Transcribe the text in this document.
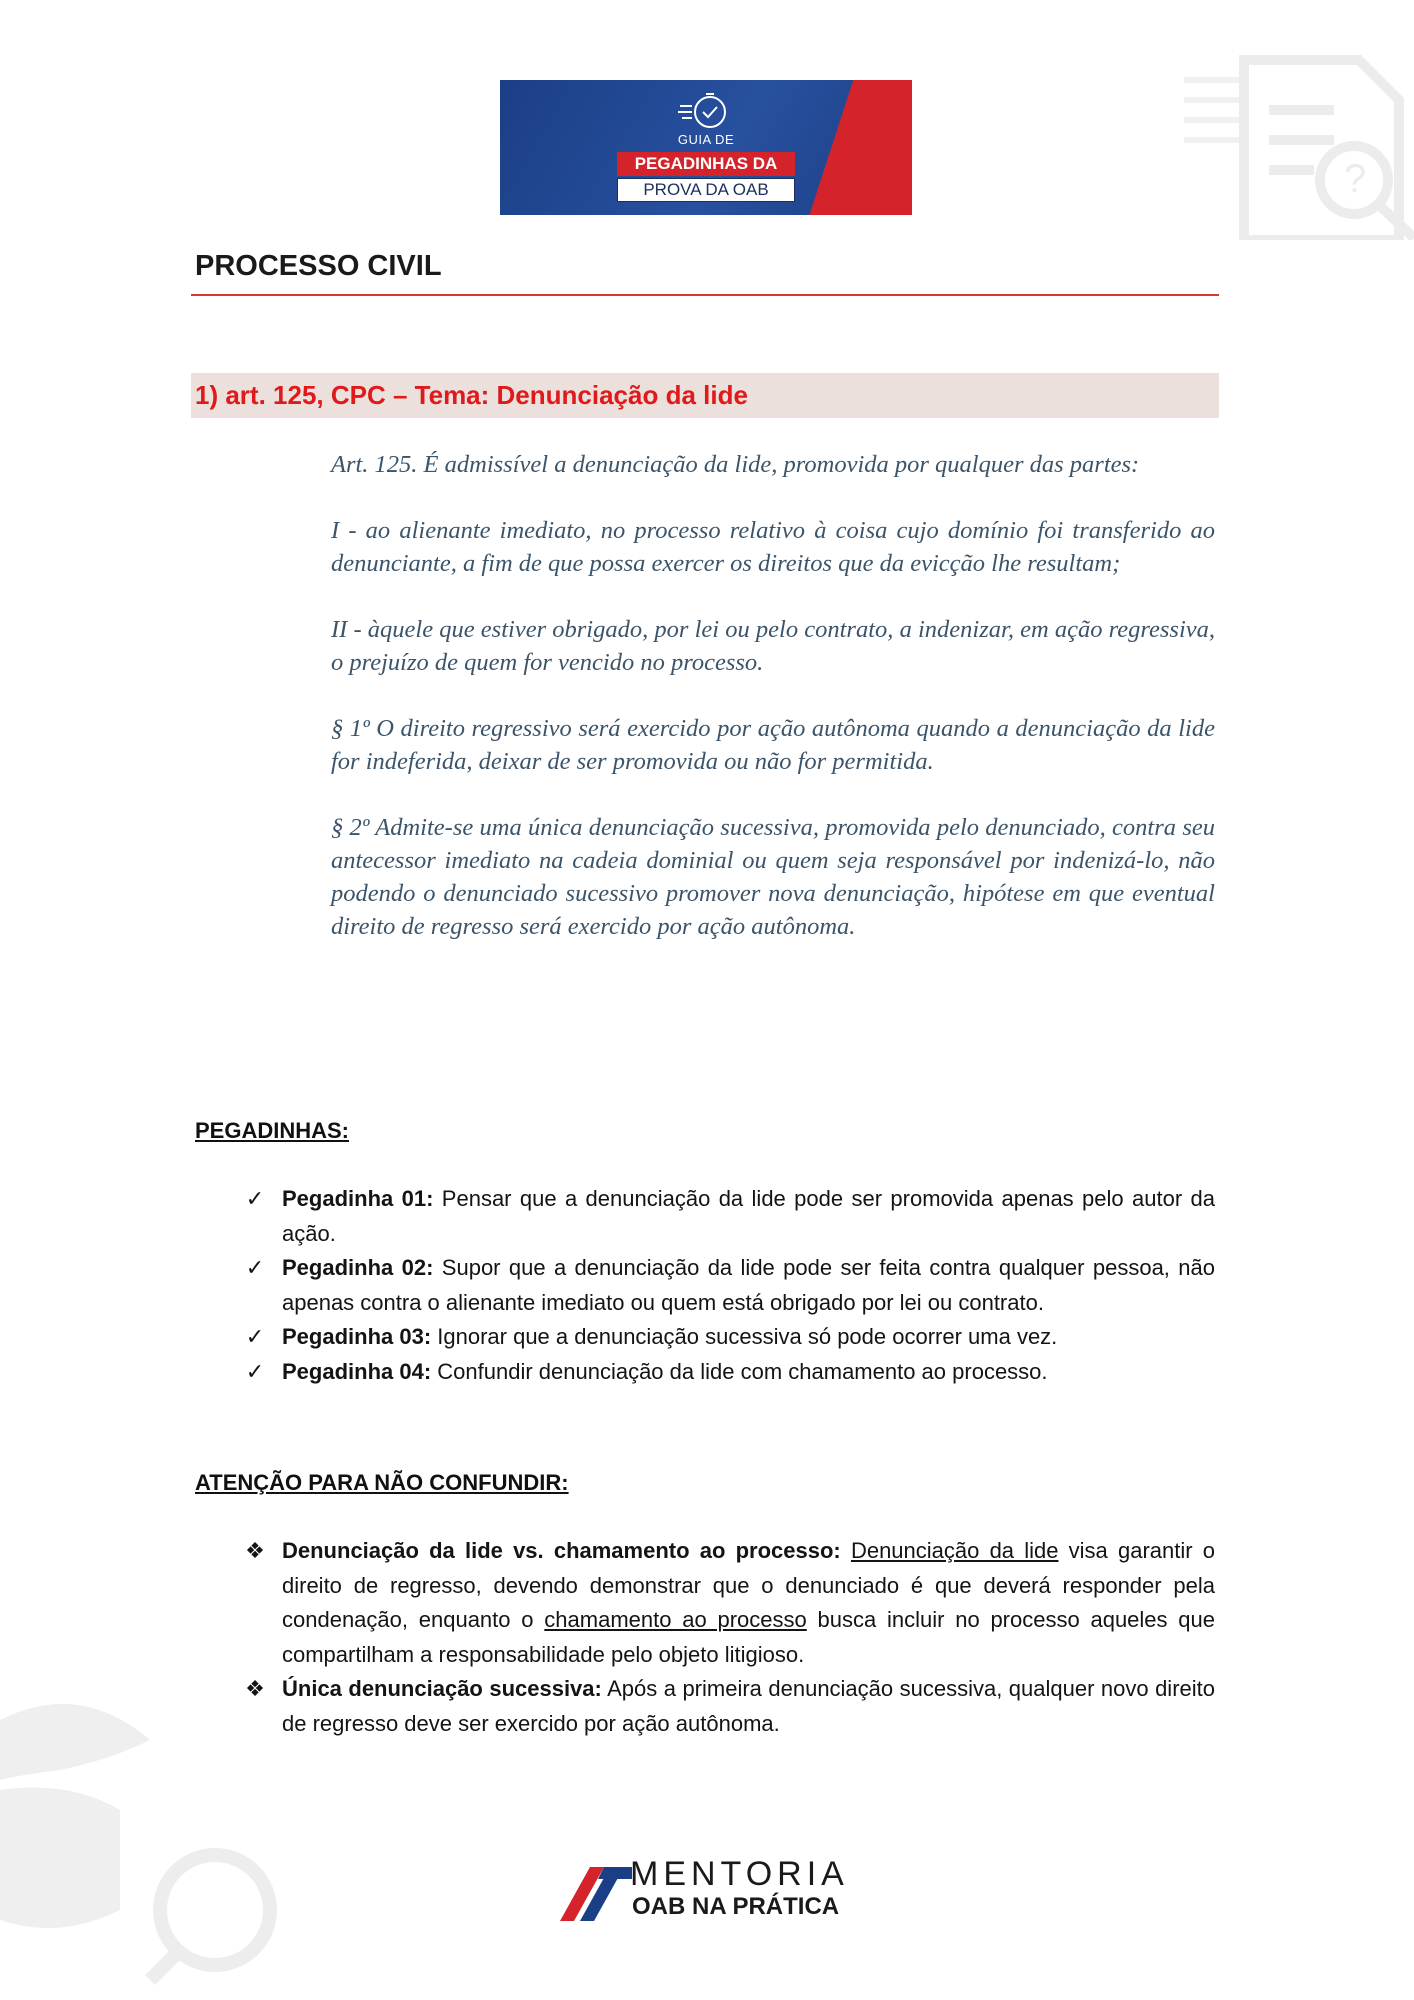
?
GUIA DE
PEGADINHAS DA
PROVA DA OAB
PROCESSO CIVIL
1) art. 125, CPC – Tema: Denunciação da lide

Art. 125. É admissível a denunciação da lide, promovida por qualquer das partes:

I - ao alienante imediato, no processo relativo à coisa cujo domínio foi transferido ao denunciante, a fim de que possa exercer os direitos que da evicção lhe resultam;

II - àquele que estiver obrigado, por lei ou pelo contrato, a indenizar, em ação regressiva, o prejuízo de quem for vencido no processo.

§ 1º O direito regressivo será exercido por ação autônoma quando a denunciação da lide for indeferida, deixar de ser promovida ou não for permitida.

§ 2º Admite-se uma única denunciação sucessiva, promovida pelo denunciado, contra seu antecessor imediato na cadeia dominial ou quem seja responsável por indenizá-lo, não podendo o denunciado sucessivo promover nova denunciação, hipótese em que eventual direito de regresso será exercido por ação autônoma.

PEGADINHAS:
✓ Pegadinha 01: Pensar que a denunciação da lide pode ser promovida apenas pelo autor da ação.
✓ Pegadinha 02: Supor que a denunciação da lide pode ser feita contra qualquer pessoa, não apenas contra o alienante imediato ou quem está obrigado por lei ou contrato.
✓ Pegadinha 03: Ignorar que a denunciação sucessiva só pode ocorrer uma vez.
✓ Pegadinha 04: Confundir denunciação da lide com chamamento ao processo.
ATENÇÃO PARA NÃO CONFUNDIR:
❖ Denunciação da lide vs. chamamento ao processo: Denunciação da lide visa garantir o direito de regresso, devendo demonstrar que o denunciado é que deverá responder pela condenação, enquanto o chamamento ao processo busca incluir no processo aqueles que compartilham a responsabilidade pelo objeto litigioso.
❖ Única denunciação sucessiva: Após a primeira denunciação sucessiva, qualquer novo direito de regresso deve ser exercido por ação autônoma.
MENTORIA
OAB NA PRÁTICA
